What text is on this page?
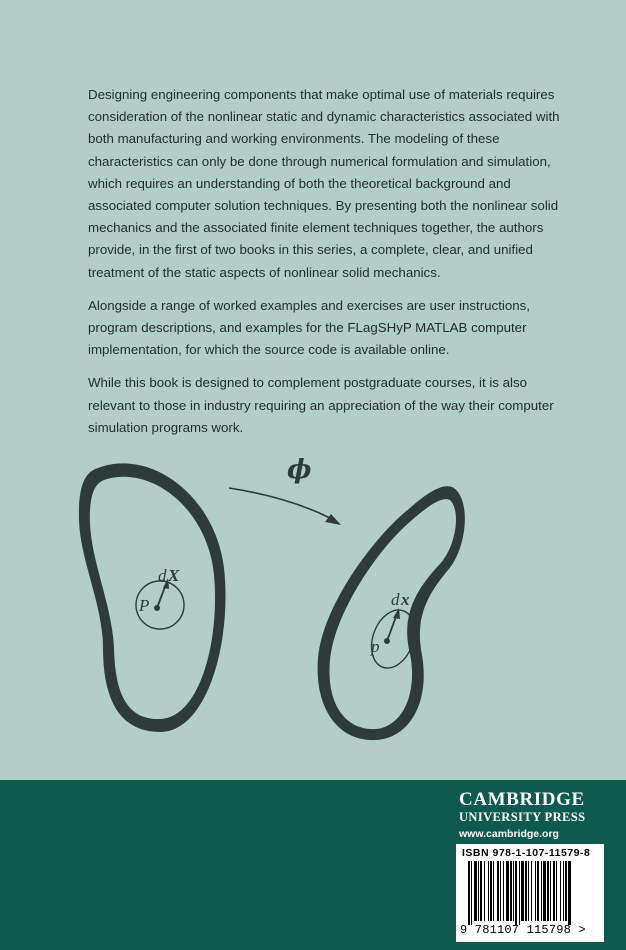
Designing engineering components that make optimal use of materials requires consideration of the nonlinear static and dynamic characteristics associated with both manufacturing and working environments. The modeling of these characteristics can only be done through numerical formulation and simulation, which requires an understanding of both the theoretical background and associated computer solution techniques. By presenting both the nonlinear solid mechanics and the associated finite element techniques together, the authors provide, in the first of two books in this series, a complete, clear, and unified treatment of the static aspects of nonlinear solid mechanics.

Alongside a range of worked examples and exercises are user instructions, program descriptions, and examples for the FLagSHyP MATLAB computer implementation, for which the source code is available online.

While this book is designed to complement postgraduate courses, it is also relevant to those in industry requiring an appreciation of the way their computer simulation programs work.

ϕ
P
d X
p
d x
CAMBRIDGE
UNIVERSITY PRESS
www.cambridge.org
ISBN 978-1-107-11579-8
9 781107 115798 >
